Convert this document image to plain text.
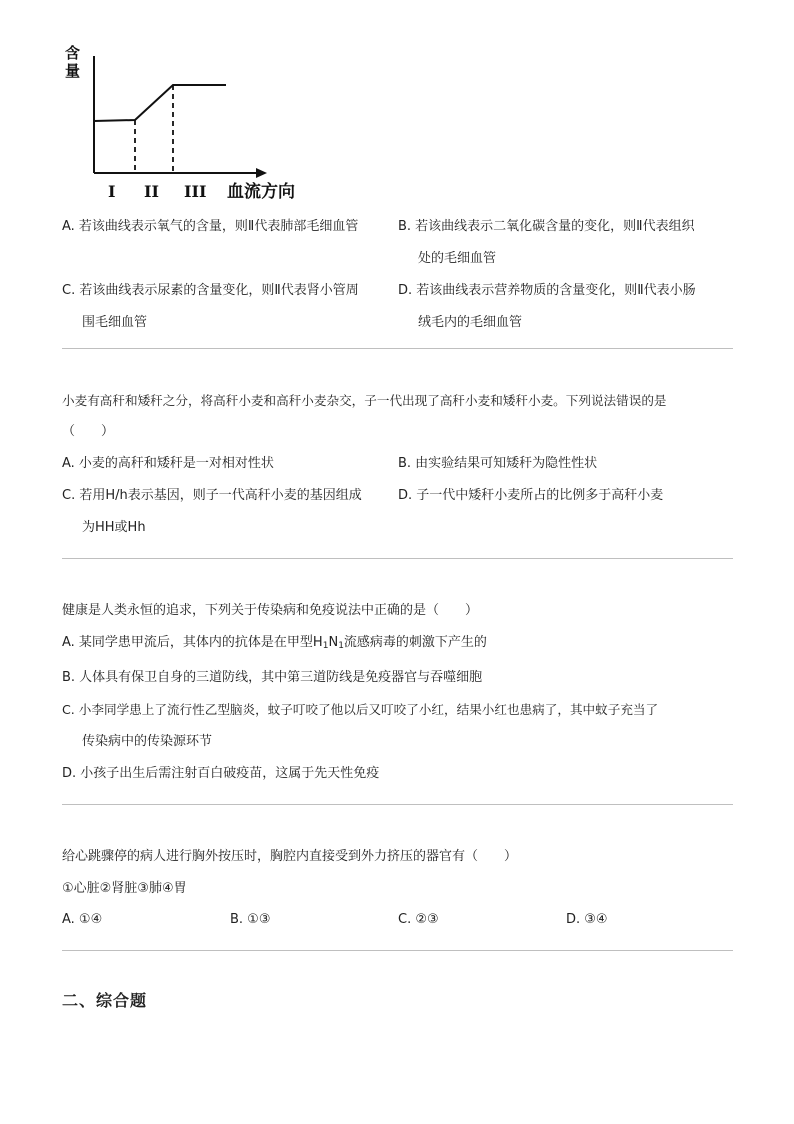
含
量
I II III 血流方向
A. 若该曲线表示氧气的含量，则Ⅱ代表肺部毛细血管	B. 若该曲线表示二氧化碳含量的变化，则Ⅱ代表组织
处的毛细血管
C. 若该曲线表示尿素的含量变化，则Ⅱ代表肾小管周
围毛细血管
D. 若该曲线表示营养物质的含量变化，则Ⅱ代表小肠
绒毛内的毛细血管
小麦有高秆和矮秆之分，将高秆小麦和高秆小麦杂交，子一代出现了高秆小麦和矮秆小麦。下列说法错误的是
（　　）
A. 小麦的高秆和矮秆是一对相对性状	B. 由实验结果可知矮秆为隐性性状
C. 若用H/h表示基因，则子一代高秆小麦的基因组成
为HH或Hh
D. 子一代中矮秆小麦所占的比例多于高秆小麦
健康是人类永恒的追求，下列关于传染病和免疫说法中正确的是（　　）
A. 某同学患甲流后，其体内的抗体是在甲型$H_1N_1$流感病毒的刺激下产生的
B. 人体具有保卫自身的三道防线，其中第三道防线是免疫器官与吞噬细胞
C. 小李同学患上了流行性乙型脑炎，蚊子叮咬了他以后又叮咬了小红，结果小红也患病了，其中蚊子充当了
传染病中的传染源环节
D. 小孩子出生后需注射百白破疫苗，这属于先天性免疫
给心跳骤停的病人进行胸外按压时，胸腔内直接受到外力挤压的器官有（　　）
①心脏②肾脏③肺④胃
A. ①④	B. ①③	C. ②③	D. ③④
二、综合题
